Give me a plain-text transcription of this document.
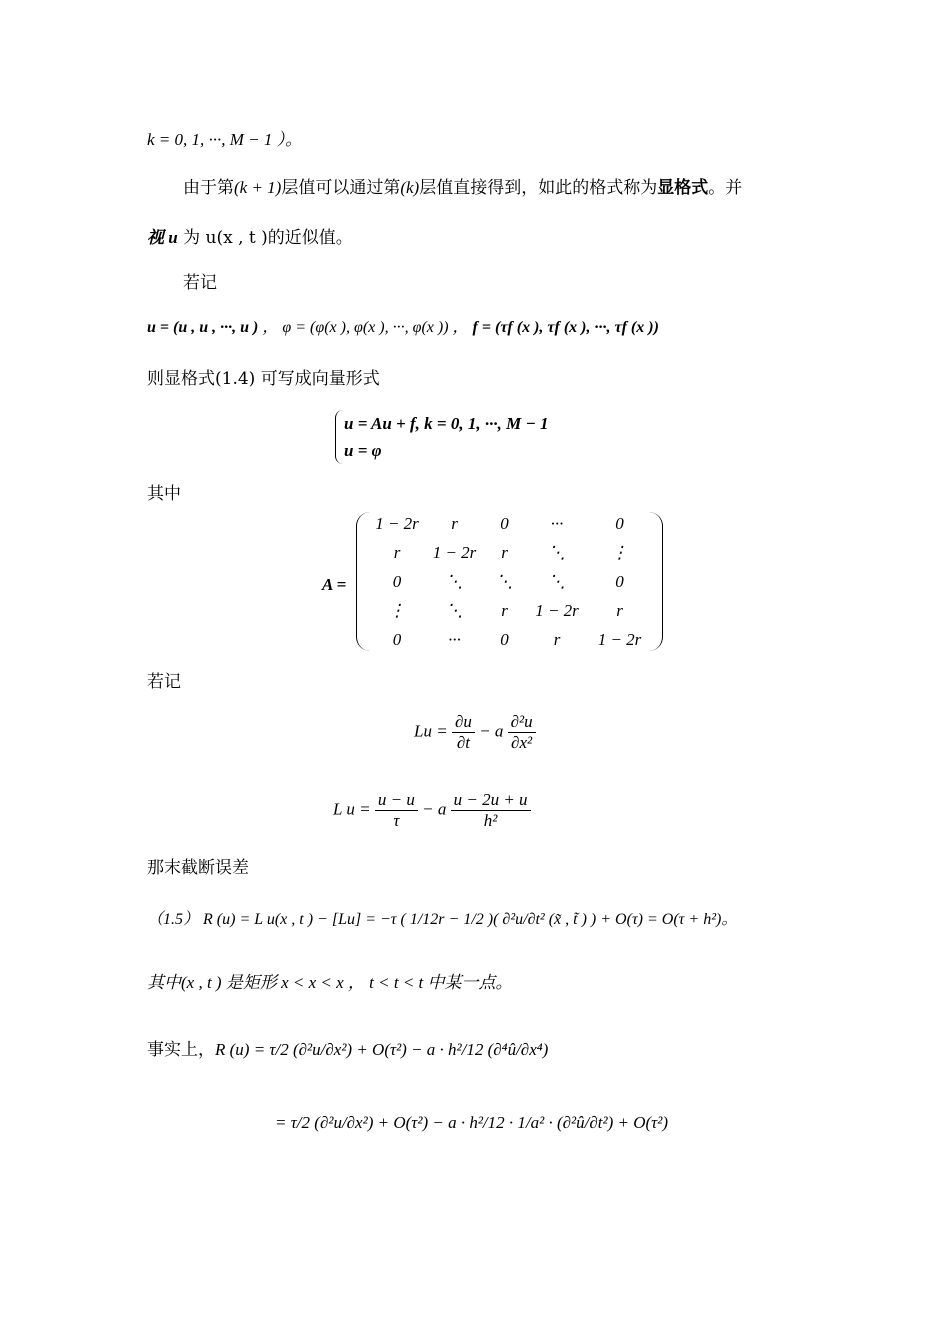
k = 0, 1, ···, M − 1 ）。
由于第(k + 1)层值可以通过第(k)层值直接得到，如此的格式称为显格式。并
视 u 为 u(x , t )的近似值。
若记
u = (u , u , ···, u ) ， φ = (φ(x ), φ(x ), ···, φ(x )) ， f = (τf (x ), τf (x ), ···, τf (x ))
则显格式(1.4) 可写成向量形式
u = Au + f, k = 0, 1, ···, M − 1
u = φ
其中
A =
1 − 2r	r	0	···	0
r	1 − 2r	r	⋱	⋮
0	⋱	⋱	⋱	0
⋮	⋱	r	1 − 2r	r
0	···	0	r	1 − 2r
若记
$Lu = \frac{\partial u}{\partial t} - a \frac{\text{∂²u}}{\text{∂x²}}$
L $u = \frac{u - u}{\tau} - a \frac{u - 2u + u}{\text{h²}}$
那末截断误差
（1.5） R (u) = L u(x , t ) − [Lu] = −τ ( 1/12r − 1/2 )( ∂²u/∂t² (x̃ , t̃ ) ) + O(τ) = O(τ + h²)。
其中(x , t ) 是矩形 x < x < x ， t < t < t 中某一点。
事实上，R (u) = τ/2 (∂²u/∂x²) + O(τ²) − a · h²/12 (∂⁴û/∂x⁴)
= τ/2 (∂²u/∂x²) + O(τ²) − a · h²/12 · 1/a² · (∂²û/∂t²) + O(τ²)
